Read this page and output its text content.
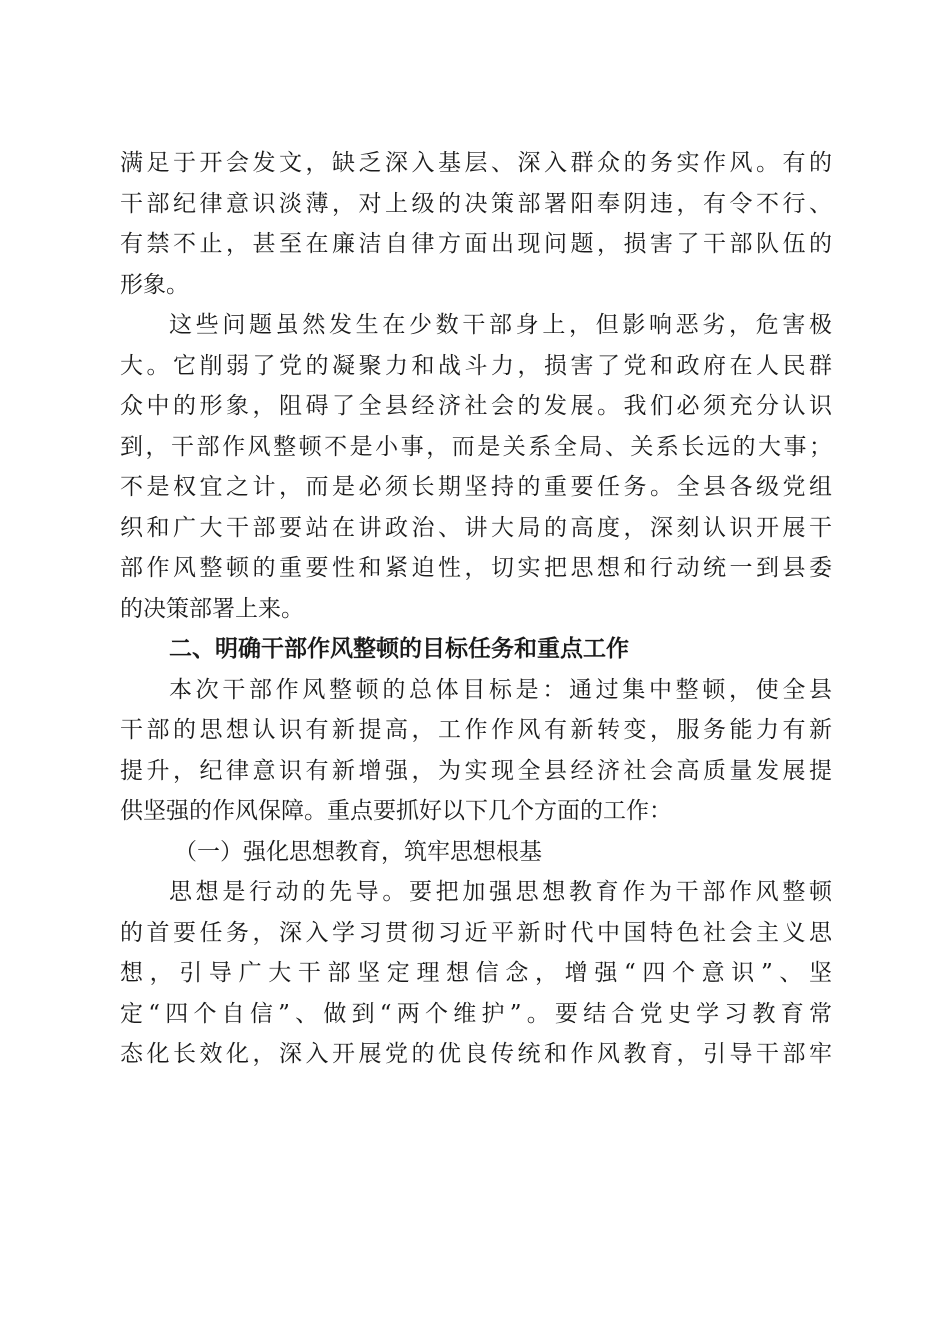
满足于开会发文，缺乏深入基层、深入群众的务实作风。有的
干部纪律意识淡薄，对上级的决策部署阳奉阴违，有令不行、
有禁不止，甚至在廉洁自律方面出现问题，损害了干部队伍的
形象。
这些问题虽然发生在少数干部身上，但影响恶劣，危害极
大。它削弱了党的凝聚力和战斗力，损害了党和政府在人民群
众中的形象，阻碍了全县经济社会的发展。我们必须充分认识
到，干部作风整顿不是小事，而是关系全局、关系长远的大事；
不是权宜之计，而是必须长期坚持的重要任务。全县各级党组
织和广大干部要站在讲政治、讲大局的高度，深刻认识开展干
部作风整顿的重要性和紧迫性，切实把思想和行动统一到县委
的决策部署上来。
二、明确干部作风整顿的目标任务和重点工作
本次干部作风整顿的总体目标是：通过集中整顿，使全县
干部的思想认识有新提高，工作作风有新转变，服务能力有新
提升，纪律意识有新增强，为实现全县经济社会高质量发展提
供坚强的作风保障。重点要抓好以下几个方面的工作：
（一）强化思想教育，筑牢思想根基
思想是行动的先导。要把加强思想教育作为干部作风整顿
的首要任务，深入学习贯彻习近平新时代中国特色社会主义思
想，引导广大干部坚定理想信念，增强“四个意识”、坚
定“四个自信”、做到“两个维护”。要结合党史学习教育常
态化长效化，深入开展党的优良传统和作风教育，引导干部牢
